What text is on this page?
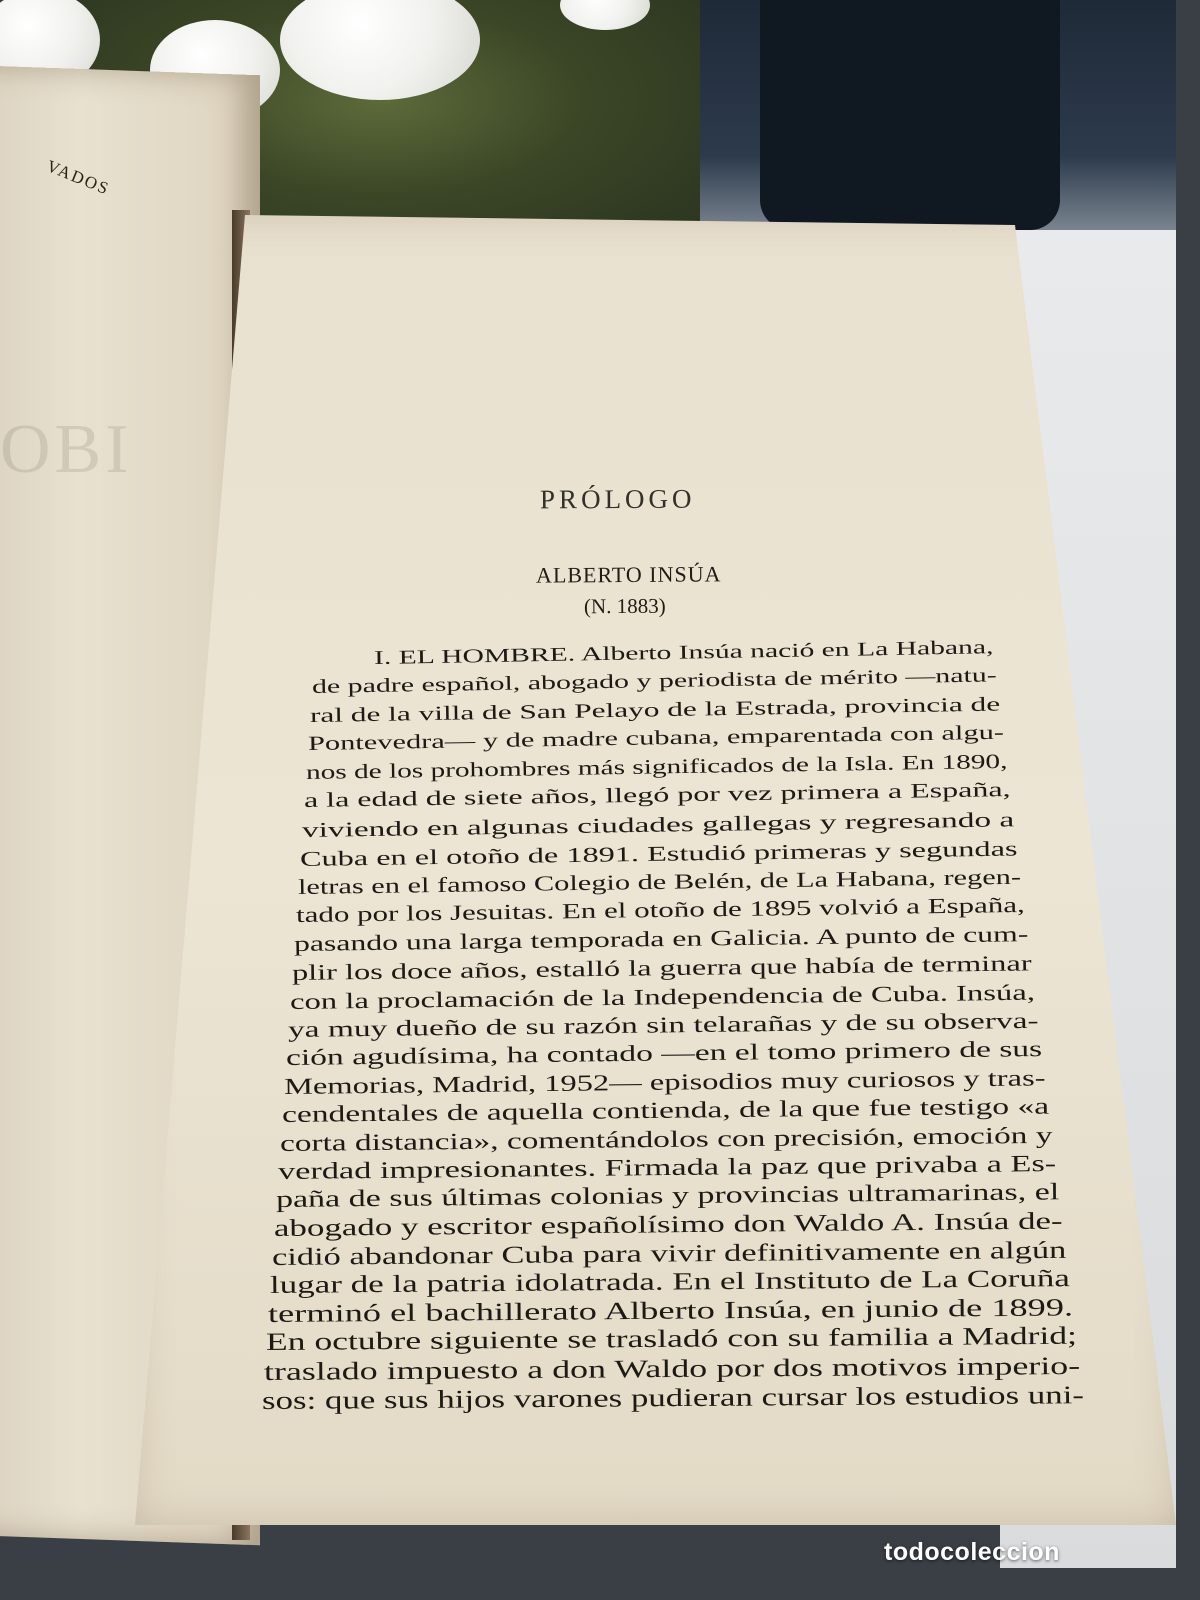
VADOS
OBI
PRÓLOGO
ALBERTO INSÚA
(N. 1883)
I. EL HOMBRE. Alberto Insúa nació en La Habana,
de padre español, abogado y periodista de mérito —natu-
ral de la villa de San Pelayo de la Estrada, provincia de
Pontevedra— y de madre cubana, emparentada con algu-
nos de los prohombres más significados de la Isla. En 1890,
a la edad de siete años, llegó por vez primera a España,
viviendo en algunas ciudades gallegas y regresando a
Cuba en el otoño de 1891. Estudió primeras y segundas
letras en el famoso Colegio de Belén, de La Habana, regen-
tado por los Jesuitas. En el otoño de 1895 volvió a España,
pasando una larga temporada en Galicia. A punto de cum-
plir los doce años, estalló la guerra que había de terminar
con la proclamación de la Independencia de Cuba. Insúa,
ya muy dueño de su razón sin telarañas y de su observa-
ción agudísima, ha contado —en el tomo primero de sus
Memorias, Madrid, 1952— episodios muy curiosos y tras-
cendentales de aquella contienda, de la que fue testigo «a
corta distancia», comentándolos con precisión, emoción y
verdad impresionantes. Firmada la paz que privaba a Es-
paña de sus últimas colonias y provincias ultramarinas, el
abogado y escritor españolísimo don Waldo A. Insúa de-
cidió abandonar Cuba para vivir definitivamente en algún
lugar de la patria idolatrada. En el Instituto de La Coruña
terminó el bachillerato Alberto Insúa, en junio de 1899.
En octubre siguiente se trasladó con su familia a Madrid;
traslado impuesto a don Waldo por dos motivos imperio-
sos: que sus hijos varones pudieran cursar los estudios uni-
todocoleccion
